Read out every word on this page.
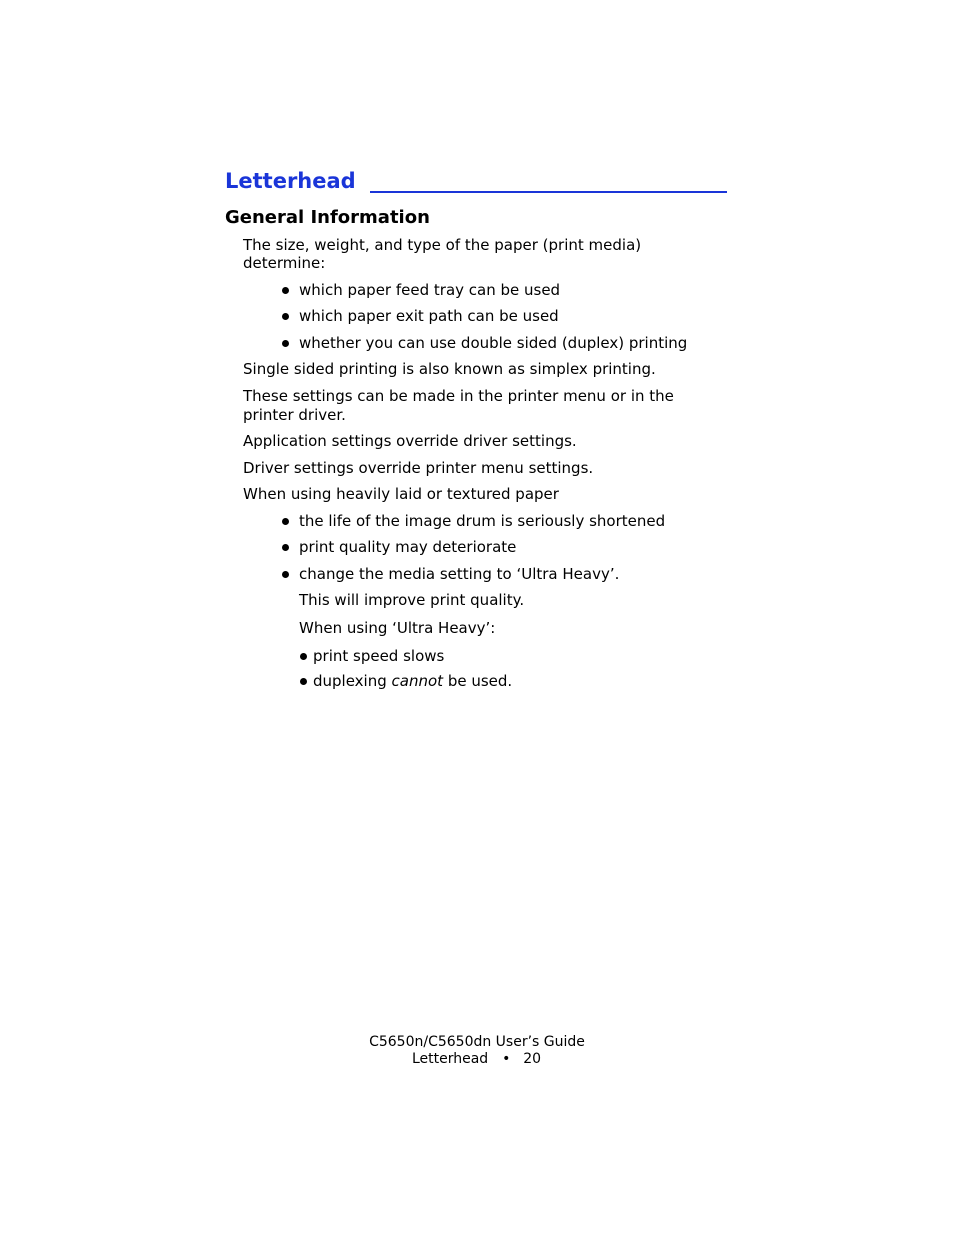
Letterhead
General Information
The size, weight, and type of the paper (print media)
determine:
which paper feed tray can be used
which paper exit path can be used
whether you can use double sided (duplex) printing
Single sided printing is also known as simplex printing.
These settings can be made in the printer menu or in the
printer driver.
Application settings override driver settings.
Driver settings override printer menu settings.
When using heavily laid or textured paper
the life of the image drum is seriously shortened
print quality may deteriorate
change the media setting to ‘Ultra Heavy’.
This will improve print quality.
When using ‘Ultra Heavy’:
print speed slows
duplexing cannot be used.
C5650n/C5650dn User’s Guide
Letterhead • 20
